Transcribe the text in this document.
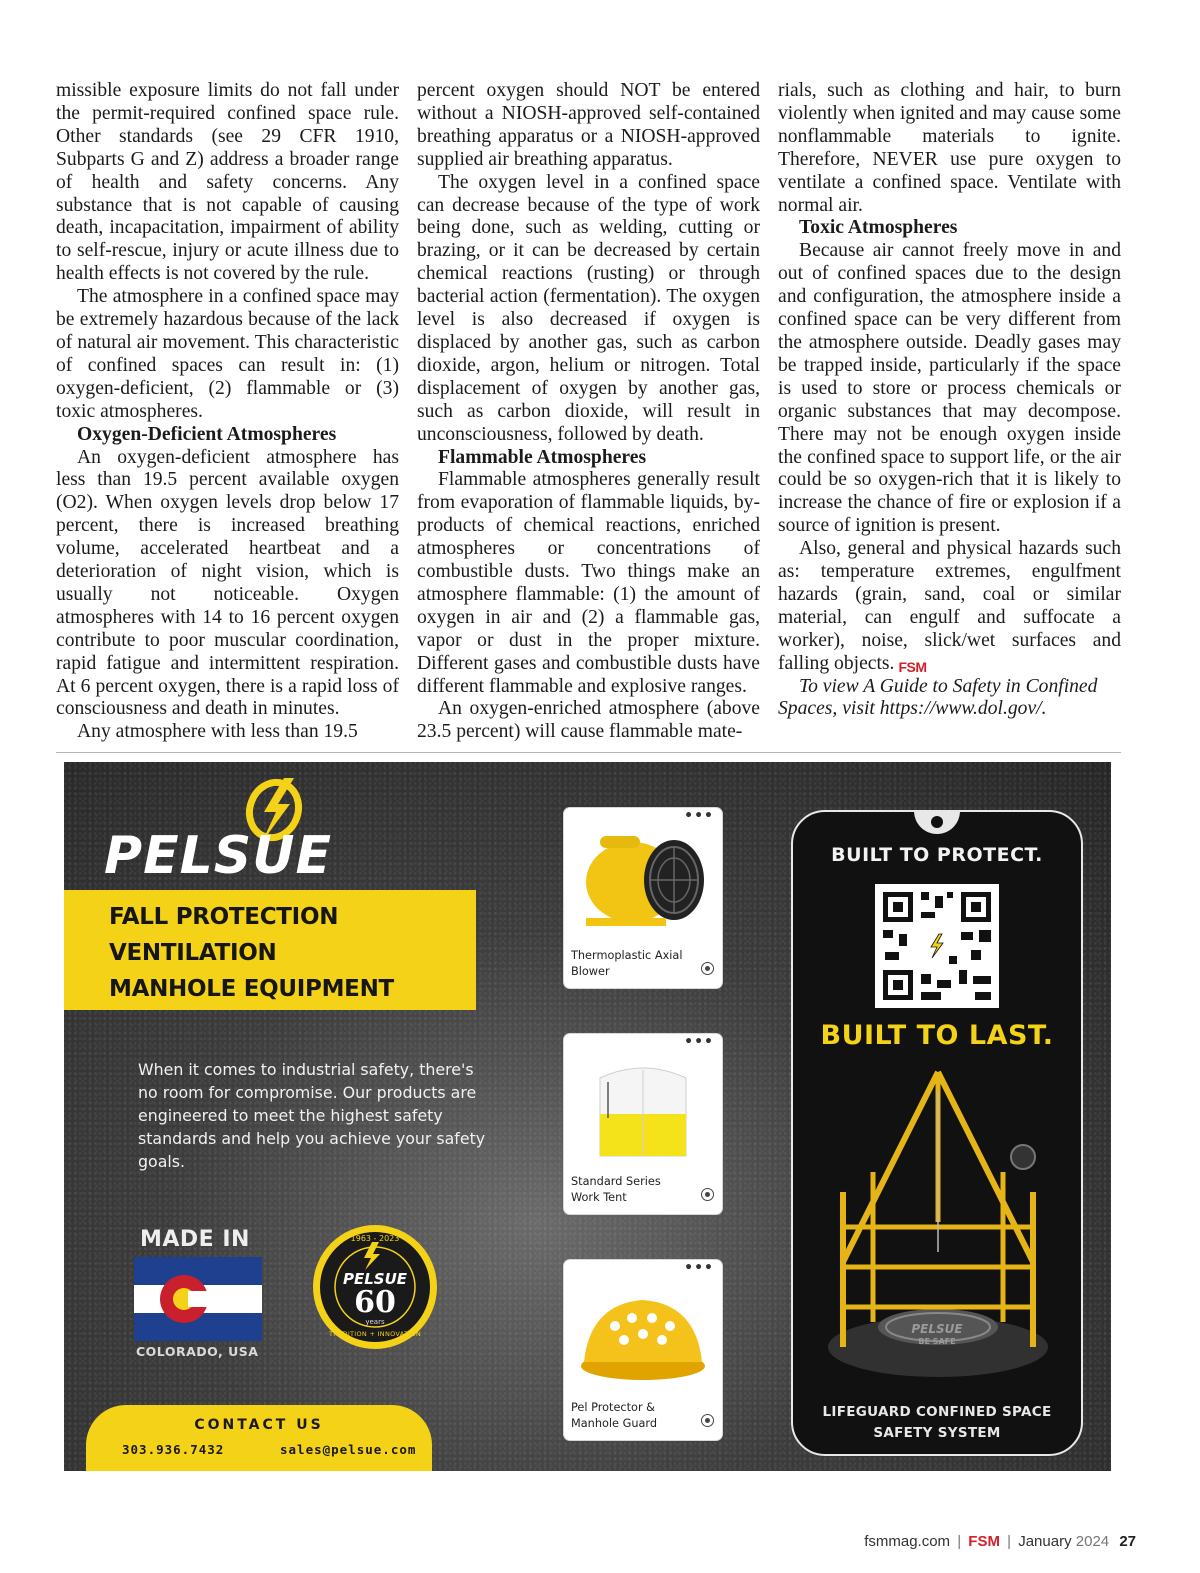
missible exposure limits do not fall under the permit-required confined space rule. Other standards (see 29 CFR 1910, Subparts G and Z) address a broader range of health and safety concerns. Any substance that is not capable of causing death, incapacitation, impairment of ability to self-rescue, injury or acute illness due to health effects is not covered by the rule.

The atmosphere in a confined space may be extremely hazardous because of the lack of natural air movement. This characteristic of confined spaces can result in: (1) oxygen-deficient, (2) flammable or (3) toxic atmospheres.

Oxygen-Deficient Atmospheres

An oxygen-deficient atmosphere has less than 19.5 percent available oxygen (O2). When oxygen levels drop below 17 percent, there is increased breathing volume, accelerated heartbeat and a deterioration of night vision, which is usually not noticeable. Oxygen atmospheres with 14 to 16 percent oxygen contribute to poor muscular coordination, rapid fatigue and intermittent respiration. At 6 percent oxygen, there is a rapid loss of consciousness and death in minutes.

Any atmosphere with less than 19.5

percent oxygen should NOT be entered without a NIOSH-approved self-contained breathing apparatus or a NIOSH-approved supplied air breathing apparatus.

The oxygen level in a confined space can decrease because of the type of work being done, such as welding, cutting or brazing, or it can be decreased by certain chemical reactions (rusting) or through bacterial action (fermentation). The oxygen level is also decreased if oxygen is displaced by another gas, such as carbon dioxide, argon, helium or nitrogen. Total displacement of oxygen by another gas, such as carbon dioxide, will result in unconsciousness, followed by death.

Flammable Atmospheres

Flammable atmospheres generally result from evaporation of flammable liquids, by-products of chemical reactions, enriched atmospheres or concentrations of combustible dusts. Two things make an atmosphere flammable: (1) the amount of oxygen in air and (2) a flammable gas, vapor or dust in the proper mixture. Different gases and combustible dusts have different flammable and explosive ranges.

An oxygen-enriched atmosphere (above 23.5 percent) will cause flammable mate-

rials, such as clothing and hair, to burn violently when ignited and may cause some nonflammable materials to ignite. Therefore, NEVER use pure oxygen to ventilate a confined space. Ventilate with normal air.

Toxic Atmospheres

Because air cannot freely move in and out of confined spaces due to the design and configuration, the atmosphere inside a confined space can be very different from the atmosphere outside. Deadly gases may be trapped inside, particularly if the space is used to store or process chemicals or organic substances that may decompose. There may not be enough oxygen inside the confined space to support life, or the air could be so oxygen-rich that it is likely to increase the chance of fire or explosion if a source of ignition is present.

Also, general and physical hazards such as: temperature extremes, engulfment hazards (grain, sand, coal or similar material, can engulf and suffocate a worker), noise, slick/wet surfaces and falling objects. FSM

To view A Guide to Safety in Confined Spaces, visit https://www.dol.gov/.

PELSUE
FALL PROTECTION
VENTILATION
MANHOLE EQUIPMENT
When it comes to industrial safety, there's no room for compromise. Our products are engineered to meet the highest safety standards and help you achieve your safety goals.
MADE IN
COLORADO, USA
1963 - 2023
PELSUE
60
years
TRADITION + INNOVATION
CONTACT US
303.936.7432	sales@pelsue.com
•••
Thermoplastic Axial Blower
•••
Standard Series Work Tent
•••
Pel Protector & Manhole Guard
BUILT TO PROTECT.
BUILT TO LAST.
PELSUE
BE SAFE
LIFEGUARD CONFINED SPACE
SAFETY SYSTEM
fsmmag.com | FSM | January 2024 27
